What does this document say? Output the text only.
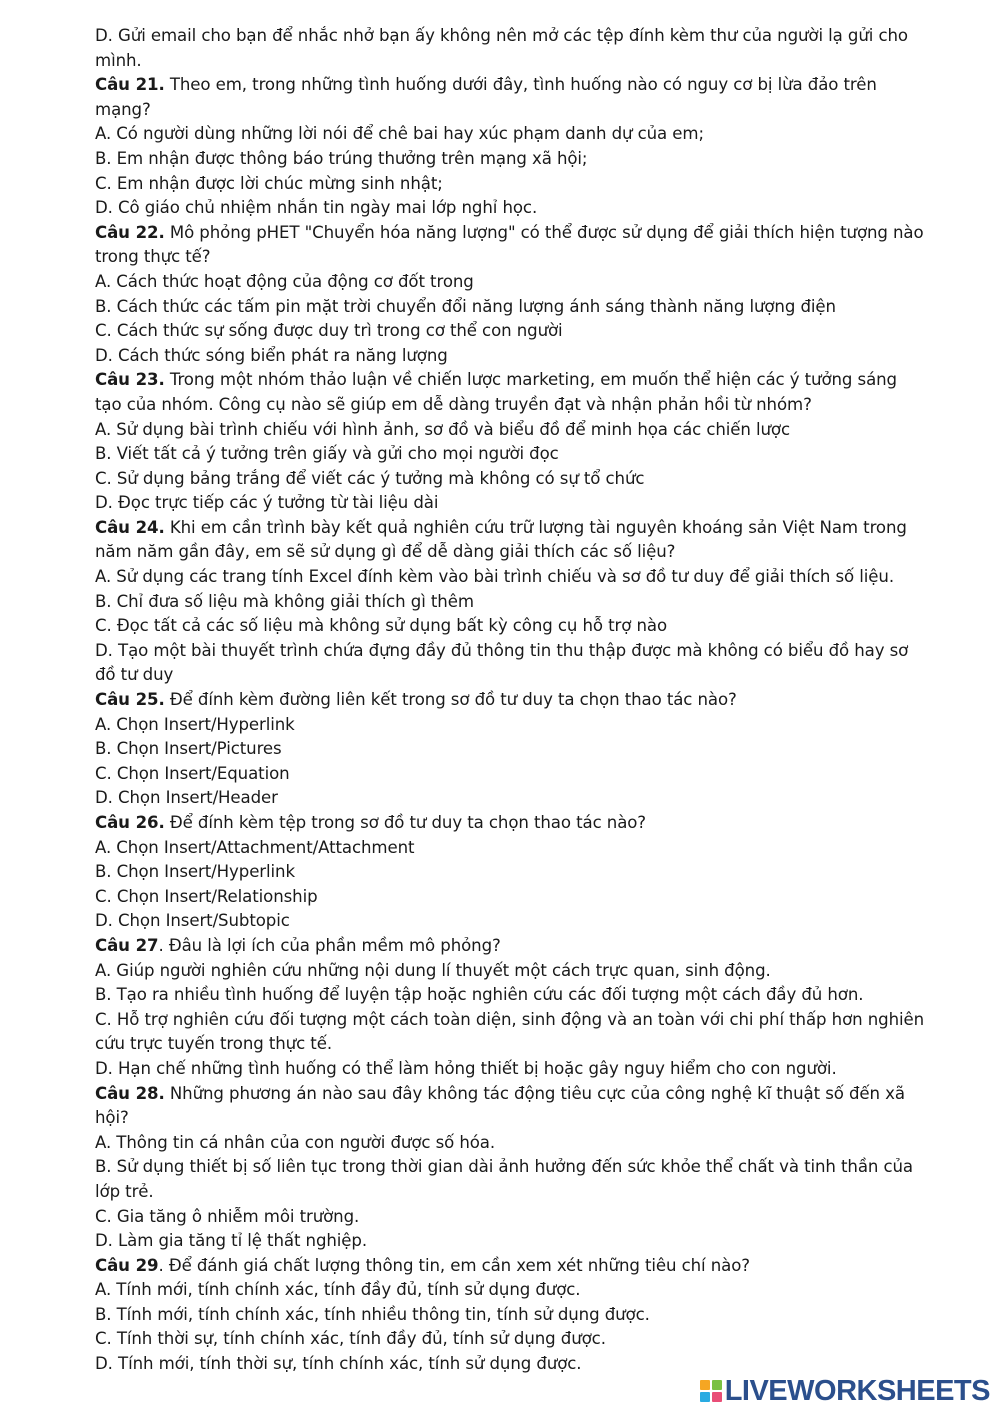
D. Gửi email cho bạn để nhắc nhở bạn ấy không nên mở các tệp đính kèm thư của người lạ gửi cho

mình.

Câu 21. Theo em, trong những tình huống dưới đây, tình huống nào có nguy cơ bị lừa đảo trên

mạng?

A. Có người dùng những lời nói để chê bai hay xúc phạm danh dự của em;

B. Em nhận được thông báo trúng thưởng trên mạng xã hội;

C. Em nhận được lời chúc mừng sinh nhật;

D. Cô giáo chủ nhiệm nhắn tin ngày mai lớp nghỉ học.

Câu 22. Mô phỏng pHET "Chuyển hóa năng lượng" có thể được sử dụng để giải thích hiện tượng nào

trong thực tế?

A. Cách thức hoạt động của động cơ đốt trong

B. Cách thức các tấm pin mặt trời chuyển đổi năng lượng ánh sáng thành năng lượng điện

C. Cách thức sự sống được duy trì trong cơ thể con người

D. Cách thức sóng biển phát ra năng lượng

Câu 23. Trong một nhóm thảo luận về chiến lược marketing, em muốn thể hiện các ý tưởng sáng

tạo của nhóm. Công cụ nào sẽ giúp em dễ dàng truyền đạt và nhận phản hồi từ nhóm?

A. Sử dụng bài trình chiếu với hình ảnh, sơ đồ và biểu đồ để minh họa các chiến lược

B. Viết tất cả ý tưởng trên giấy và gửi cho mọi người đọc

C. Sử dụng bảng trắng để viết các ý tưởng mà không có sự tổ chức

D. Đọc trực tiếp các ý tưởng từ tài liệu dài

Câu 24. Khi em cần trình bày kết quả nghiên cứu trữ lượng tài nguyên khoáng sản Việt Nam trong

năm năm gần đây, em sẽ sử dụng gì để dễ dàng giải thích các số liệu?

A. Sử dụng các trang tính Excel đính kèm vào bài trình chiếu và sơ đồ tư duy để giải thích số liệu.

B. Chỉ đưa số liệu mà không giải thích gì thêm

C. Đọc tất cả các số liệu mà không sử dụng bất kỳ công cụ hỗ trợ nào

D. Tạo một bài thuyết trình chứa đựng đầy đủ thông tin thu thập được mà không có biểu đồ hay sơ

đồ tư duy

Câu 25. Để đính kèm đường liên kết trong sơ đồ tư duy ta chọn thao tác nào?

A. Chọn Insert/Hyperlink

B. Chọn Insert/Pictures

C. Chọn Insert/Equation

D. Chọn Insert/Header

Câu 26. Để đính kèm tệp trong sơ đồ tư duy ta chọn thao tác nào?

A. Chọn Insert/Attachment/Attachment

B. Chọn Insert/Hyperlink

C. Chọn Insert/Relationship

D. Chọn Insert/Subtopic

Câu 27. Đâu là lợi ích của phần mềm mô phỏng?

A. Giúp người nghiên cứu những nội dung lí thuyết một cách trực quan, sinh động.

B. Tạo ra nhiều tình huống để luyện tập hoặc nghiên cứu các đối tượng một cách đầy đủ hơn.

C. Hỗ trợ nghiên cứu đối tượng một cách toàn diện, sinh động và an toàn với chi phí thấp hơn nghiên

cứu trực tuyến trong thực tế.

D. Hạn chế những tình huống có thể làm hỏng thiết bị hoặc gây nguy hiểm cho con người.

Câu 28. Những phương án nào sau đây không tác động tiêu cực của công nghệ kĩ thuật số đến xã

hội?

A. Thông tin cá nhân của con người được số hóa.

B. Sử dụng thiết bị số liên tục trong thời gian dài ảnh hưởng đến sức khỏe thể chất và tinh thần của

lớp trẻ.

C. Gia tăng ô nhiễm môi trường.

D. Làm gia tăng tỉ lệ thất nghiệp.

Câu 29. Để đánh giá chất lượng thông tin, em cần xem xét những tiêu chí nào?

A. Tính mới, tính chính xác, tính đầy đủ, tính sử dụng được.

B. Tính mới, tính chính xác, tính nhiều thông tin, tính sử dụng được.

C. Tính thời sự, tính chính xác, tính đầy đủ, tính sử dụng được.

D. Tính mới, tính thời sự, tính chính xác, tính sử dụng được.

LIVEWORKSHEETS
